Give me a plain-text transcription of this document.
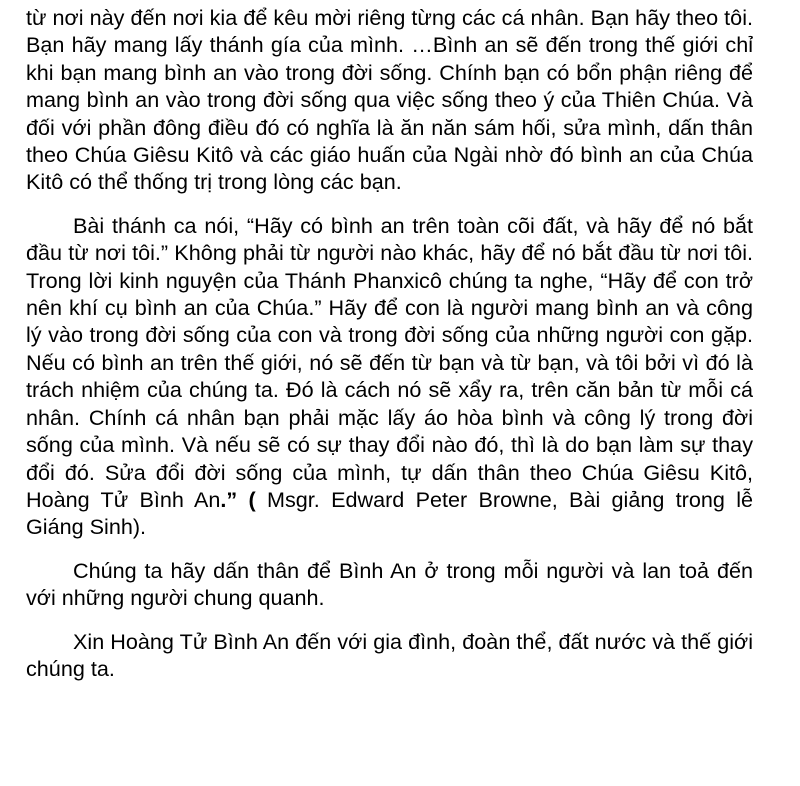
từ nơi này đến nơi kia để kêu mời riêng từng các cá nhân. Bạn hãy theo tôi. Bạn hãy mang lấy thánh gía của mình. …Bình an sẽ đến trong thế giới chỉ khi bạn mang bình an vào trong đời sống. Chính bạn có bổn phận riêng để mang bình an vào trong đời sống qua việc sống theo ý của Thiên Chúa. Và đối với phần đông điều đó có nghĩa là ăn năn sám hối, sửa mình, dấn thân theo Chúa Giêsu Kitô và các giáo huấn của Ngài nhờ đó bình an của Chúa Kitô có thể thống trị trong lòng các bạn.

Bài thánh ca nói, “Hãy có bình an trên toàn cõi đất, và hãy để nó bắt đầu từ nơi tôi.” Không phải từ người nào khác, hãy để nó bắt đầu từ nơi tôi. Trong lời kinh nguyện của Thánh Phanxicô chúng ta nghe, “Hãy để con trở nên khí cụ bình an của Chúa.” Hãy để con là người mang bình an và công lý vào trong đời sống của con và trong đời sống của những người con gặp. Nếu có bình an trên thế giới, nó sẽ đến từ bạn và từ bạn, và tôi bởi vì đó là trách nhiệm của chúng ta. Đó là cách nó sẽ xẩy ra, trên căn bản từ mỗi cá nhân. Chính cá nhân bạn phải mặc lấy áo hòa bình và công lý trong đời sống của mình. Và nếu sẽ có sự thay đổi nào đó, thì là do bạn làm sự thay đổi đó. Sửa đổi đời sống của mình, tự dấn thân theo Chúa Giêsu Kitô, Hoàng Tử Bình An.” ( Msgr. Edward Peter Browne, Bài giảng trong lễ Giáng Sinh).

Chúng ta hãy dấn thân để Bình An ở trong mỗi người và lan toả đến với những người chung quanh.

Xin Hoàng Tử Bình An đến với gia đình, đoàn thể, đất nước và thế giới chúng ta.
